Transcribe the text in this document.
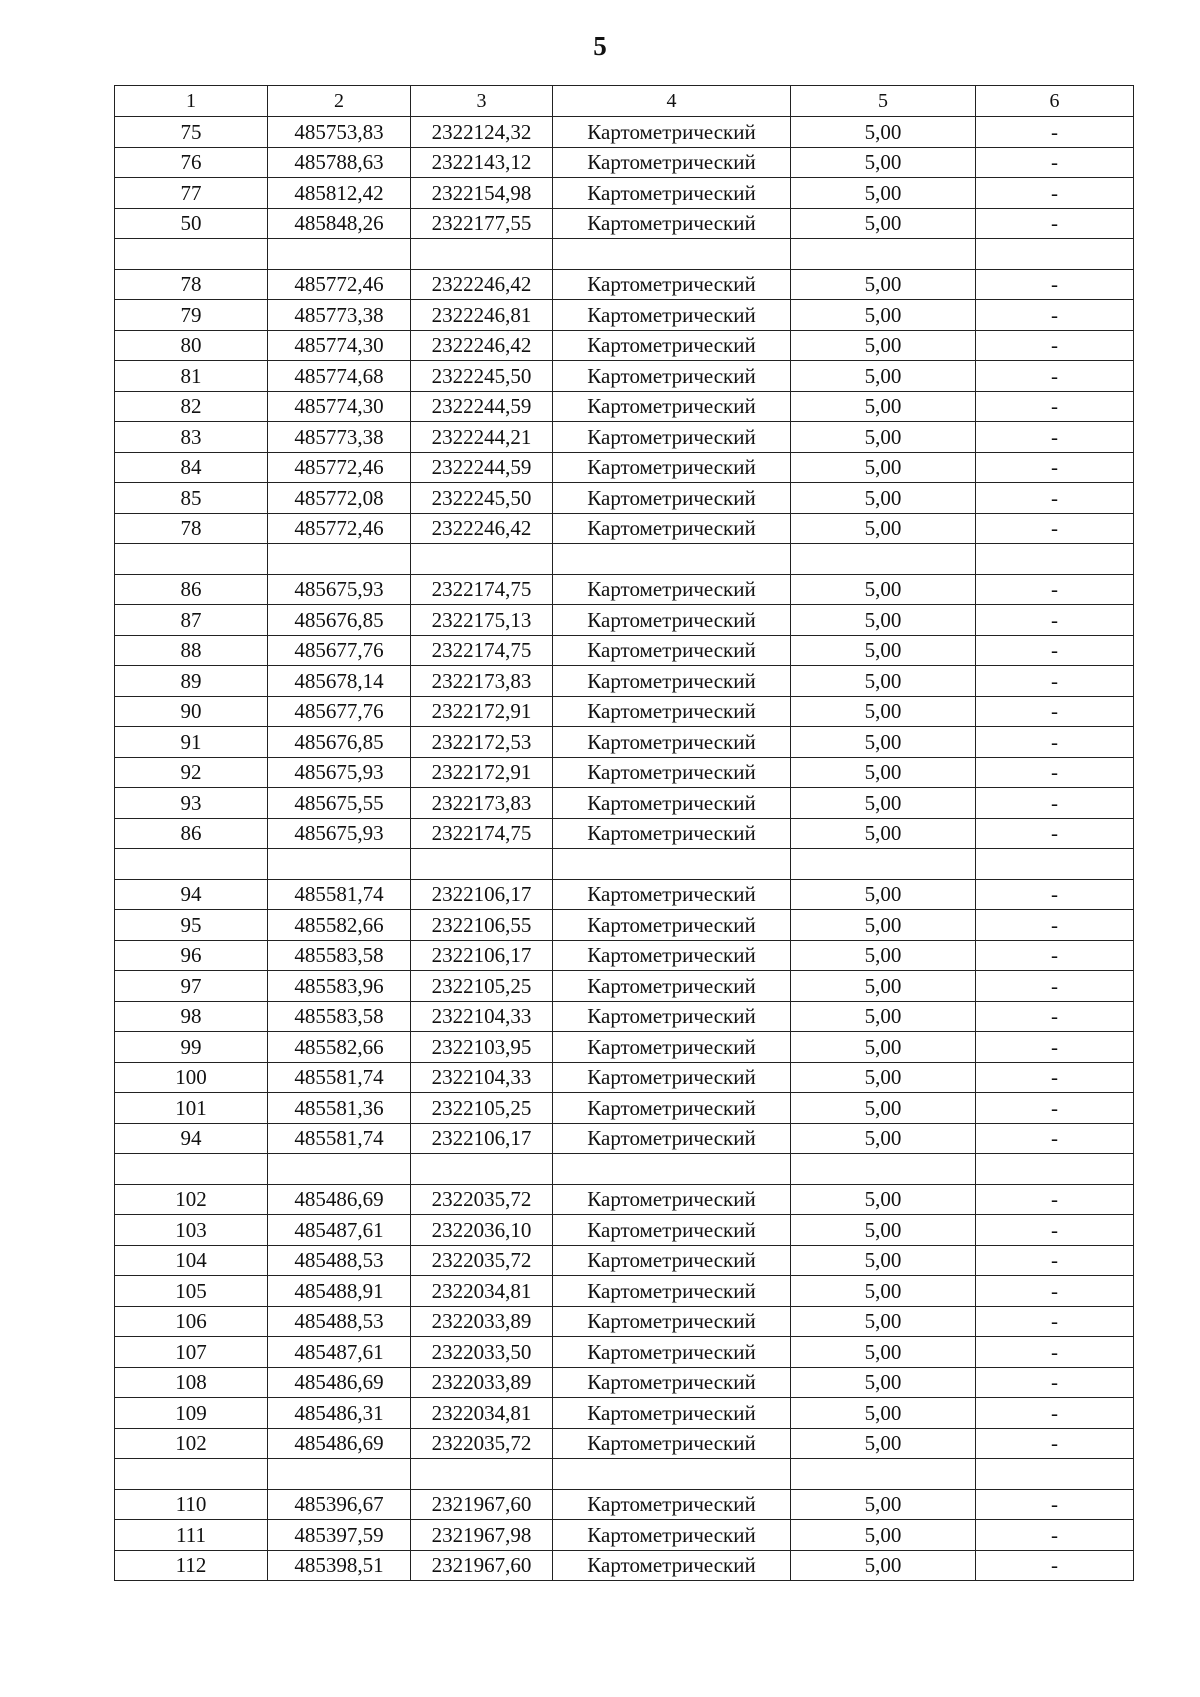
5
1	2	3	4	5	6
75	485753,83	2322124,32	Картометрический	5,00	-
76	485788,63	2322143,12	Картометрический	5,00	-
77	485812,42	2322154,98	Картометрический	5,00	-
50	485848,26	2322177,55	Картометрический	5,00	-

78	485772,46	2322246,42	Картометрический	5,00	-
79	485773,38	2322246,81	Картометрический	5,00	-
80	485774,30	2322246,42	Картометрический	5,00	-
81	485774,68	2322245,50	Картометрический	5,00	-
82	485774,30	2322244,59	Картометрический	5,00	-
83	485773,38	2322244,21	Картометрический	5,00	-
84	485772,46	2322244,59	Картометрический	5,00	-
85	485772,08	2322245,50	Картометрический	5,00	-
78	485772,46	2322246,42	Картометрический	5,00	-

86	485675,93	2322174,75	Картометрический	5,00	-
87	485676,85	2322175,13	Картометрический	5,00	-
88	485677,76	2322174,75	Картометрический	5,00	-
89	485678,14	2322173,83	Картометрический	5,00	-
90	485677,76	2322172,91	Картометрический	5,00	-
91	485676,85	2322172,53	Картометрический	5,00	-
92	485675,93	2322172,91	Картометрический	5,00	-
93	485675,55	2322173,83	Картометрический	5,00	-
86	485675,93	2322174,75	Картометрический	5,00	-

94	485581,74	2322106,17	Картометрический	5,00	-
95	485582,66	2322106,55	Картометрический	5,00	-
96	485583,58	2322106,17	Картометрический	5,00	-
97	485583,96	2322105,25	Картометрический	5,00	-
98	485583,58	2322104,33	Картометрический	5,00	-
99	485582,66	2322103,95	Картометрический	5,00	-
100	485581,74	2322104,33	Картометрический	5,00	-
101	485581,36	2322105,25	Картометрический	5,00	-
94	485581,74	2322106,17	Картометрический	5,00	-

102	485486,69	2322035,72	Картометрический	5,00	-
103	485487,61	2322036,10	Картометрический	5,00	-
104	485488,53	2322035,72	Картометрический	5,00	-
105	485488,91	2322034,81	Картометрический	5,00	-
106	485488,53	2322033,89	Картометрический	5,00	-
107	485487,61	2322033,50	Картометрический	5,00	-
108	485486,69	2322033,89	Картометрический	5,00	-
109	485486,31	2322034,81	Картометрический	5,00	-
102	485486,69	2322035,72	Картометрический	5,00	-

110	485396,67	2321967,60	Картометрический	5,00	-
111	485397,59	2321967,98	Картометрический	5,00	-
112	485398,51	2321967,60	Картометрический	5,00	-
